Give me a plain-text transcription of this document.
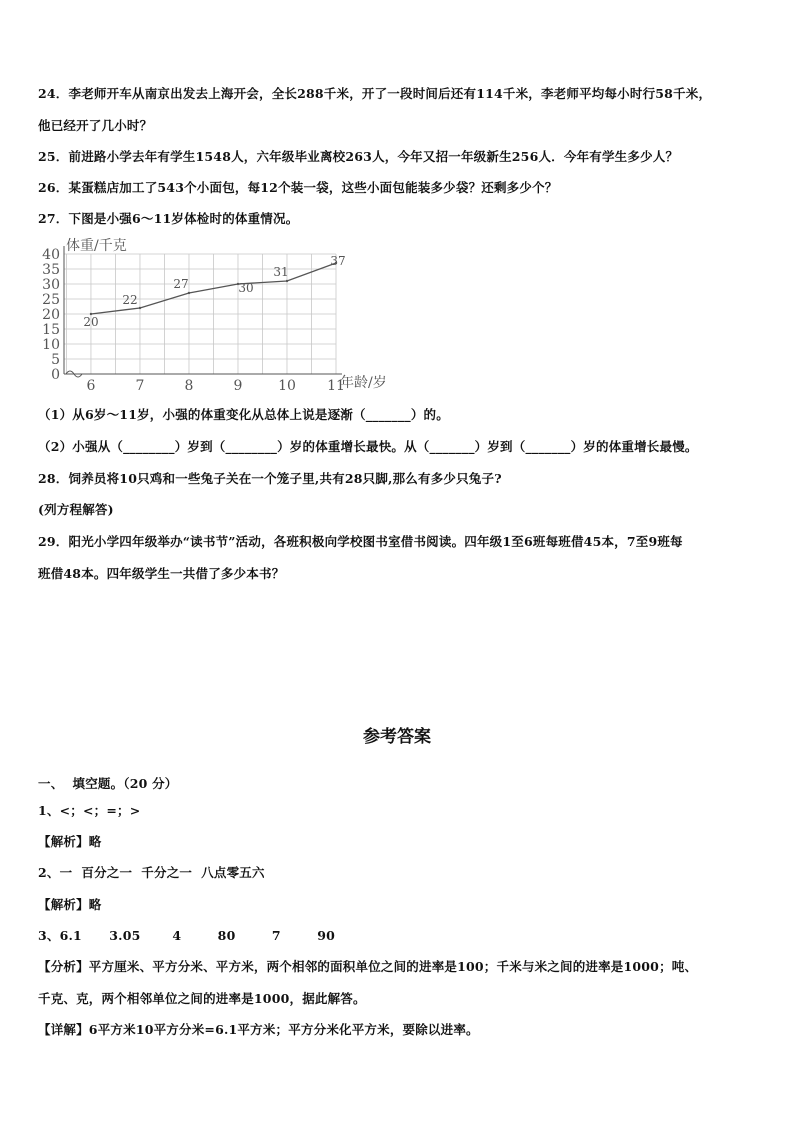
24．李老师开车从南京出发去上海开会，全长288千米，开了一段时间后还有114千米，李老师平均每小时行58千米，
他已经开了几小时？
25．前进路小学去年有学生1548人，六年级毕业离校263人，今年又招一年级新生256人．今年有学生多少人？
26．某蛋糕店加工了543个小面包，每12个装一袋，这些小面包能装多少袋？还剩多少个？
27．下图是小强6～11岁体检时的体重情况。
0
5
10
15
20
25
30
35
40
6	7	8	9	10 11
20
22
27	30
31
37
体重/千克
年龄/岁
（1）从6岁～11岁，小强的体重变化从总体上说是逐渐（_______）的。
（2）小强从（________）岁到（________）岁的体重增长最快。从（_______）岁到（_______）岁的体重增长最慢。
28．饲养员将10只鸡和一些兔子关在一个笼子里,共有28只脚,那么有多少只兔子?
(列方程解答)
29．阳光小学四年级举办“读书节”活动，各班积极向学校图书室借书阅读。四年级1至6班每班借45本，7至9班每
班借48本。四年级学生一共借了多少本书？
参考答案
一、  填空题。（20 分）
1、<；<；=；>
【解析】略
2、一  百分之一  千分之一  八点零五六
【解析】略
3、6.1      3.05       4        80        7        90
【分析】平方厘米、平方分米、平方米，两个相邻的面积单位之间的进率是100；千米与米之间的进率是1000；吨、
千克、克，两个相邻单位之间的进率是1000，据此解答。
【详解】6平方米10平方分米=6.1平方米；平方分米化平方米，要除以进率。
